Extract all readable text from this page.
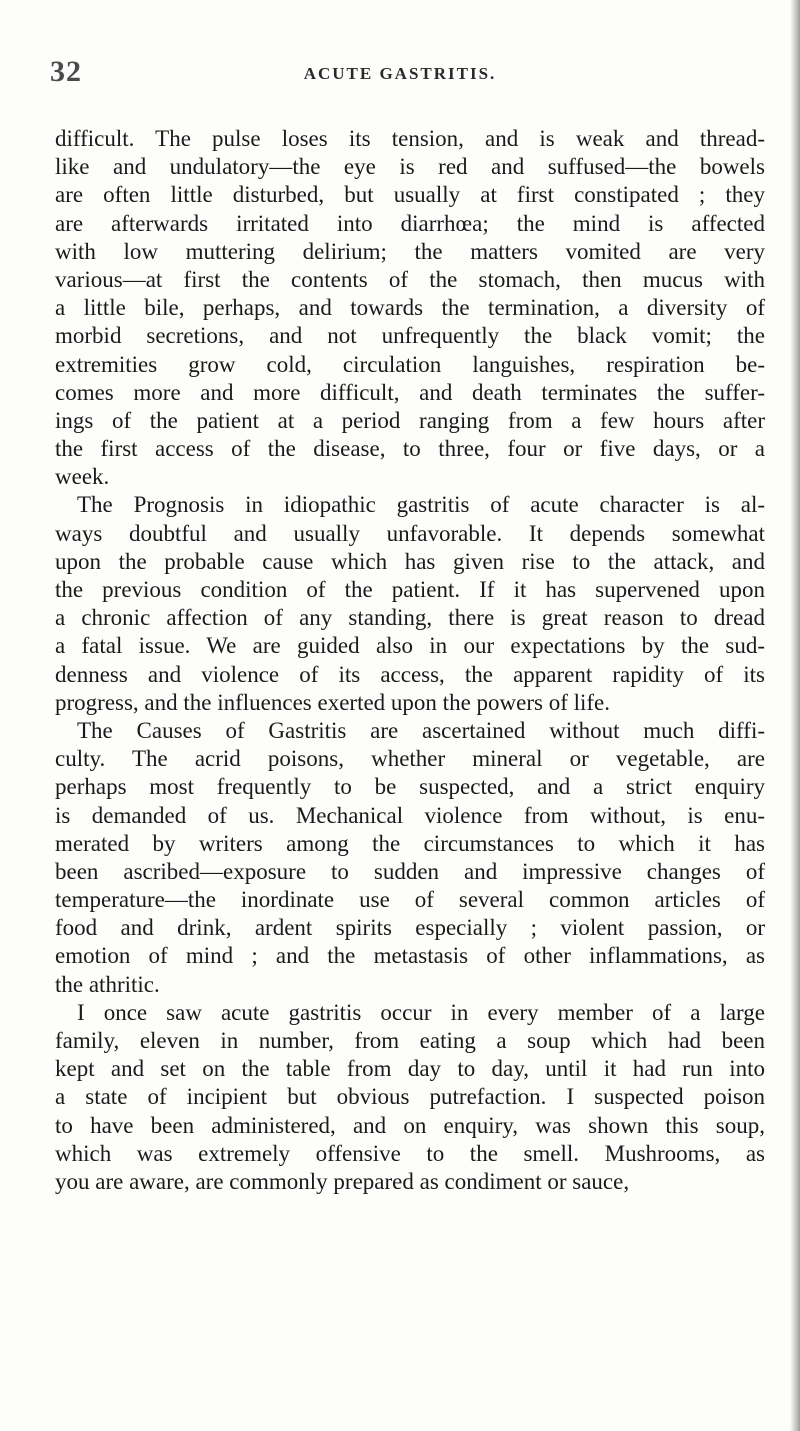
32	ACUTE GASTRITIS.
difficult. The pulse loses its tension, and is weak and thread-
like and undulatory—the eye is red and suffused—the bowels
are often little disturbed, but usually at first constipated ; they
are afterwards irritated into diarrhœa; the mind is affected
with low muttering delirium; the matters vomited are very
various—at first the contents of the stomach, then mucus with
a little bile, perhaps, and towards the termination, a diversity of
morbid secretions, and not unfrequently the black vomit; the
extremities grow cold, circulation languishes, respiration be-
comes more and more difficult, and death terminates the suffer-
ings of the patient at a period ranging from a few hours after
the first access of the disease, to three, four or five days, or a
week.
The Prognosis in idiopathic gastritis of acute character is al-
ways doubtful and usually unfavorable. It depends somewhat
upon the probable cause which has given rise to the attack, and
the previous condition of the patient. If it has supervened upon
a chronic affection of any standing, there is great reason to dread
a fatal issue. We are guided also in our expectations by the sud-
denness and violence of its access, the apparent rapidity of its
progress, and the influences exerted upon the powers of life.
The Causes of Gastritis are ascertained without much diffi-
culty. The acrid poisons, whether mineral or vegetable, are
perhaps most frequently to be suspected, and a strict enquiry
is demanded of us. Mechanical violence from without, is enu-
merated by writers among the circumstances to which it has
been ascribed—exposure to sudden and impressive changes of
temperature—the inordinate use of several common articles of
food and drink, ardent spirits especially ; violent passion, or
emotion of mind ; and the metastasis of other inflammations, as
the athritic.
I once saw acute gastritis occur in every member of a large
family, eleven in number, from eating a soup which had been
kept and set on the table from day to day, until it had run into
a state of incipient but obvious putrefaction. I suspected poison
to have been administered, and on enquiry, was shown this soup,
which was extremely offensive to the smell. Mushrooms, as
you are aware, are commonly prepared as condiment or sauce,
